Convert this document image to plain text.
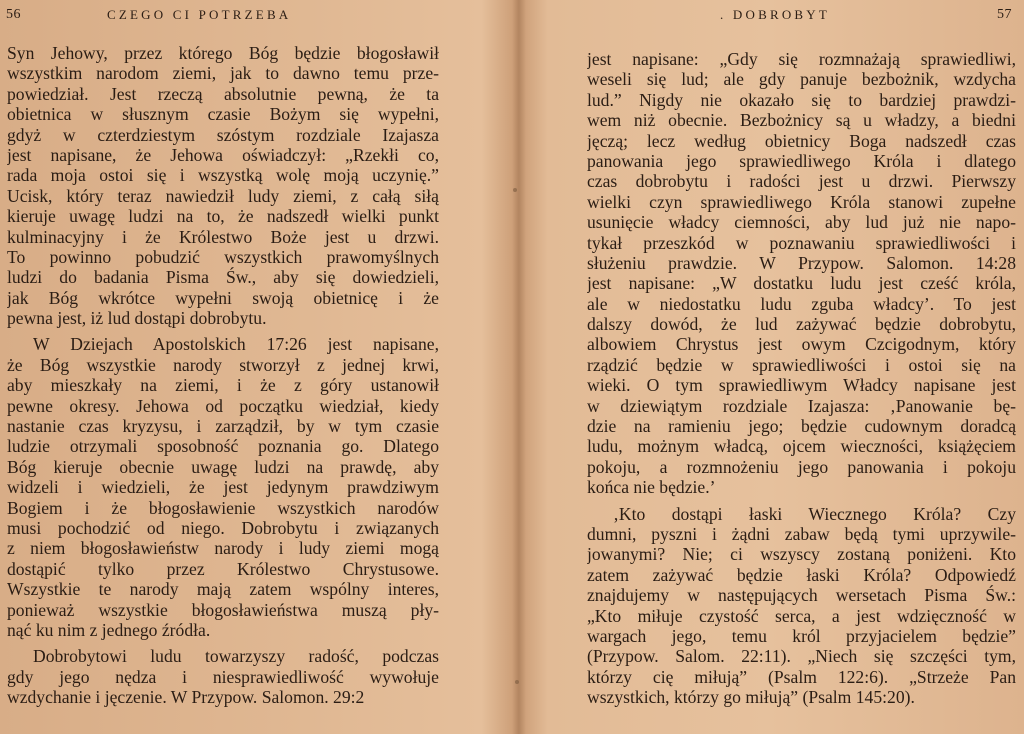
56	CZEGO CI POTRZEBA
Syn Jehowy, przez którego Bóg będzie błogosławił
wszystkim narodom ziemi, jak to dawno temu prze-
powiedział. Jest rzeczą absolutnie pewną, że ta
obietnica w słusznym czasie Bożym się wypełni,
gdyż w czterdziestym szóstym rozdziale Izajasza
jest napisane, że Jehowa oświadczył: „Rzekłi co,
rada moja ostoi się i wszystką wolę moją uczynię.”
Ucisk, który teraz nawiedził ludy ziemi, z całą siłą
kieruje uwagę ludzi na to, że nadszedł wielki punkt
kulminacyjny i że Królestwo Boże jest u drzwi.
To powinno pobudzić wszystkich prawomyślnych
ludzi do badania Pisma Św., aby się dowiedzieli,
jak Bóg wkrótce wypełni swoją obietnicę i że
pewna jest, iż lud dostąpi dobrobytu.
W Dziejach Apostolskich 17:26 jest napisane,
że Bóg wszystkie narody stworzył z jednej krwi,
aby mieszkały na ziemi, i że z góry ustanowił
pewne okresy. Jehowa od początku wiedział, kiedy
nastanie czas kryzysu, i zarządził, by w tym czasie
ludzie otrzymali sposobność poznania go. Dlatego
Bóg kieruje obecnie uwagę ludzi na prawdę, aby
widzeli i wiedzieli, że jest jedynym prawdziwym
Bogiem i że błogosławienie wszystkich narodów
musi pochodzić od niego. Dobrobytu i związanych
z niem błogosławieństw narody i ludy ziemi mogą
dostąpić tylko przez Królestwo Chrystusowe.
Wszystkie te narody mają zatem wspólny interes,
ponieważ wszystkie błogosławieństwa muszą pły-
nąć ku nim z jednego źródła.
Dobrobytowi ludu towarzyszy radość, podczas
gdy jego nędza i niesprawiedliwość wywołuje
wzdychanie i jęczenie. W Przypow. Salomon. 29:2
. DOBROBYT	57
jest napisane: „Gdy się rozmnażają sprawiedliwi,
weseli się lud; ale gdy panuje bezbożnik, wzdycha
lud.” Nigdy nie okazało się to bardziej prawdzi-
wem niż obecnie. Bezbożnicy są u władzy, a biedni
jęczą; lecz według obietnicy Boga nadszedł czas
panowania jego sprawiedliwego Króla i dlatego
czas dobrobytu i radości jest u drzwi. Pierwszy
wielki czyn sprawiedliwego Króla stanowi zupełne
usunięcie władcy ciemności, aby lud już nie napo-
tykał przeszkód w poznawaniu sprawiedliwości i
służeniu prawdzie. W Przypow. Salomon. 14:28
jest napisane: „W dostatku ludu jest cześć króla,
ale w niedostatku ludu zguba władcy’. To jest
dalszy dowód, że lud zażywać będzie dobrobytu,
albowiem Chrystus jest owym Czcigodnym, który
rządzić będzie w sprawiedliwości i ostoi się na
wieki. O tym sprawiedliwym Władcy napisane jest
w dziewiątym rozdziale Izajasza: ‚Panowanie bę-
dzie na ramieniu jego; będzie cudownym doradcą
ludu, możnym władcą, ojcem wieczności, książęciem
pokoju, a rozmnożeniu jego panowania i pokoju
końca nie będzie.’
‚Kto dostąpi łaski Wiecznego Króla? Czy
dumni, pyszni i żądni zabaw będą tymi uprzywile-
jowanymi? Nie; ci wszyscy zostaną poniżeni. Kto
zatem zażywać będzie łaski Króla? Odpowiedź
znajdujemy w następujących wersetach Pisma Św.:
„Kto miłuje czystość serca, a jest wdzięczność w
wargach jego, temu król przyjacielem będzie”
(Przypow. Salom. 22:11). „Niech się szczęści tym,
którzy cię miłują” (Psalm 122:6). „Strzeże Pan
wszystkich, którzy go miłują” (Psalm 145:20).
